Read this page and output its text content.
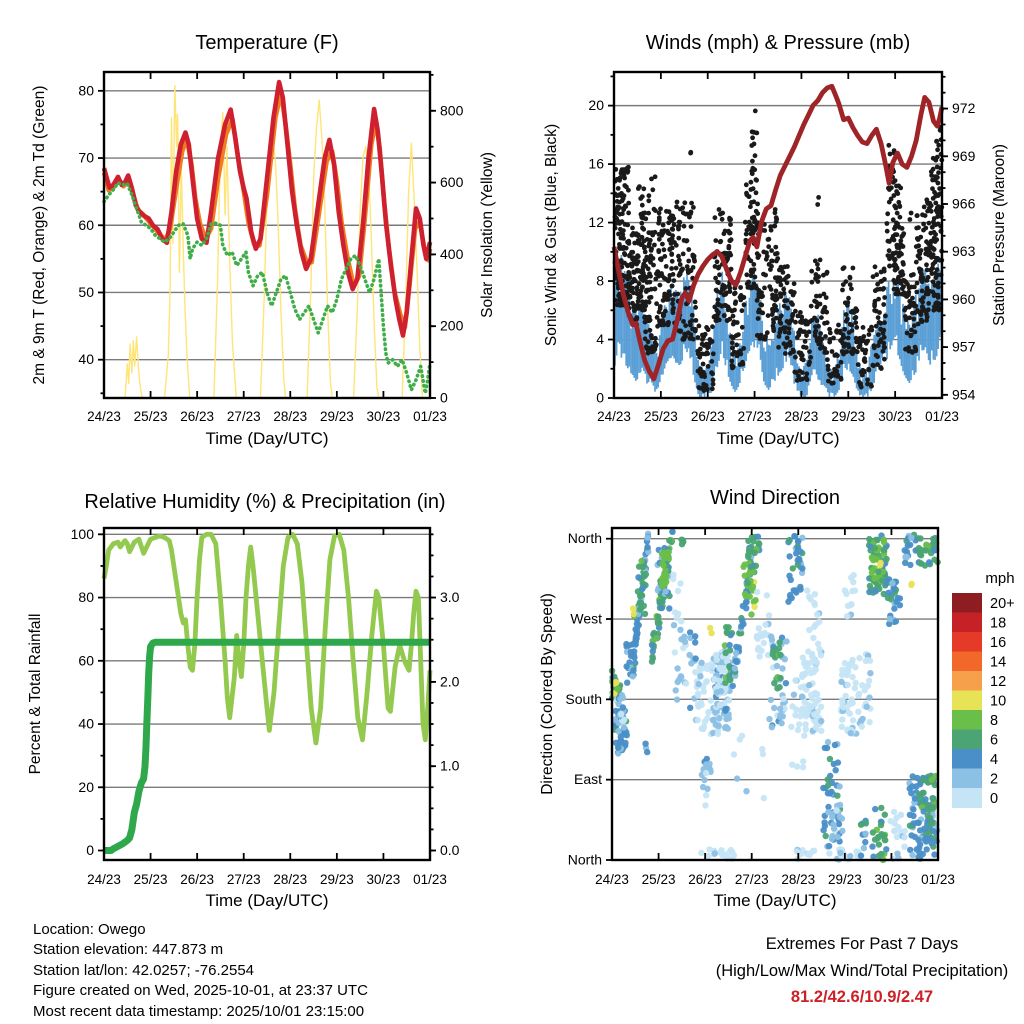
24/23 25/23 26/23 27/23 28/23 29/23 30/23 01/23
Time (Day/UTC)
40
50
60
70
80
2m & 9m T (Red, Orange) & 2m Td (Green)
0
200
400
600
800
Solar Insolation (Yellow)
Temperature (F)
24/23 25/23 26/23 27/23 28/23 29/23 30/23 01/23
Time (Day/UTC)
0
4
8
12
16
20
Sonic Wind & Gust (Blue, Black)
954
957
960
963
966
969
972
Station Pressure (Maroon)
Winds (mph) & Pressure (mb)
24/23 25/23 26/23 27/23 28/23 29/23 30/23 01/23
Time (Day/UTC)
0
20
40
60
80
100
Percent & Total Rainfall
0.0
1.0
2.0
3.0
Relative Humidity (%) & Precipitation (in)
24/23 25/23 26/23 27/23 28/23 29/23 30/23 01/23
Time (Day/UTC)
North
West
South
East
North
Direction (Colored By Speed)
Wind Direction
mph
20+
18
16
14
12
10
8
6
4
2
0
Location: Owego
Station elevation: 447.873 m
Station lat/lon: 42.0257; -76.2554
Figure created on Wed, 2025-10-01, at 23:37 UTC
Most recent data timestamp: 2025/10/01 23:15:00
Extremes For Past 7 Days
(High/Low/Max Wind/Total Precipitation)
81.2/42.6/10.9/2.47
